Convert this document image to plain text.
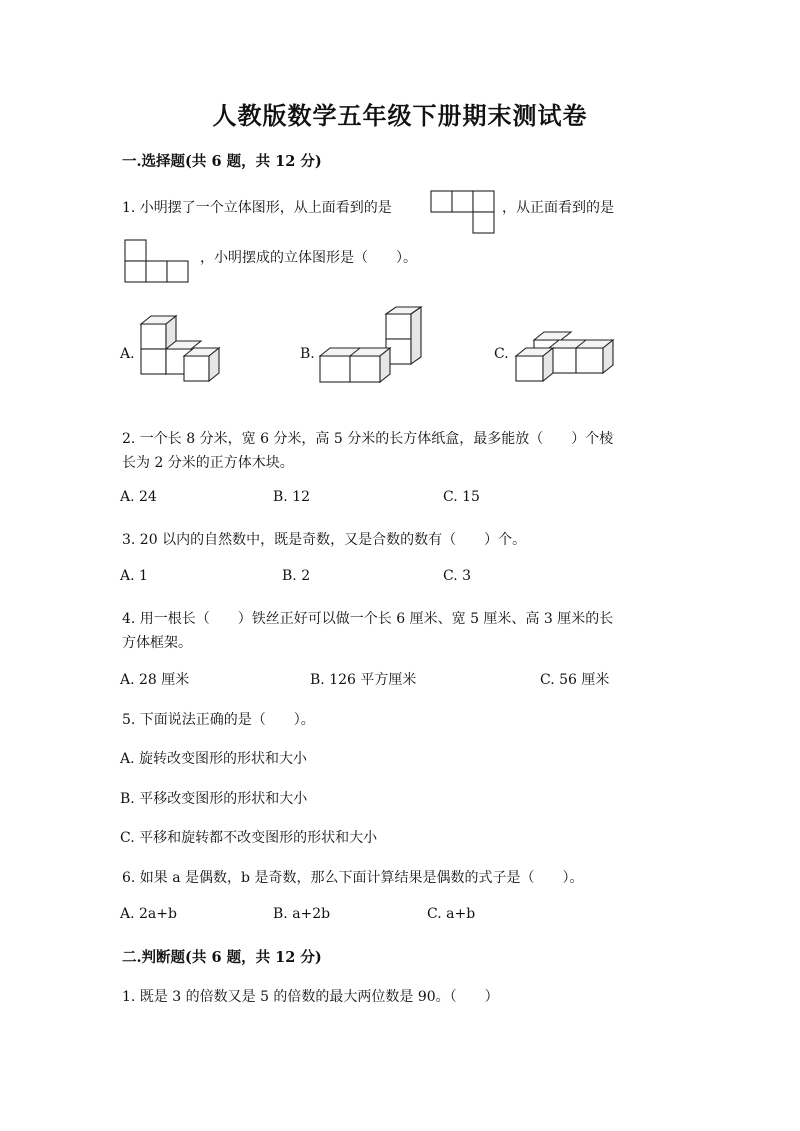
人教版数学五年级下册期末测试卷
一.选择题(共 6 题，共 12 分)
1. 小明摆了一个立体图形，从上面看到的是	，从正面看到的是
，小明摆成的立体图形是（　　）。
A.	B.	C.
2. 一个长 8 分米，宽 6 分米，高 5 分米的长方体纸盒，最多能放（　　）个棱
长为 2 分米的正方体木块。
A. 24	B. 12	C. 15
3. 20 以内的自然数中，既是奇数，又是合数的数有（　　）个。
A. 1	B. 2	C. 3
4. 用一根长（　　）铁丝正好可以做一个长 6 厘米、宽 5 厘米、高 3 厘米的长
方体框架。
A. 28 厘米	B. 126 平方厘米	C. 56 厘米
5. 下面说法正确的是（　　）。
A. 旋转改变图形的形状和大小
B. 平移改变图形的形状和大小
C. 平移和旋转都不改变图形的形状和大小
6. 如果 a 是偶数，b 是奇数，那么下面计算结果是偶数的式子是（　　）。
A. 2a+b	B. a+2b	C. a+b
二.判断题(共 6 题，共 12 分)
1. 既是 3 的倍数又是 5 的倍数的最大两位数是 90。（　　）
